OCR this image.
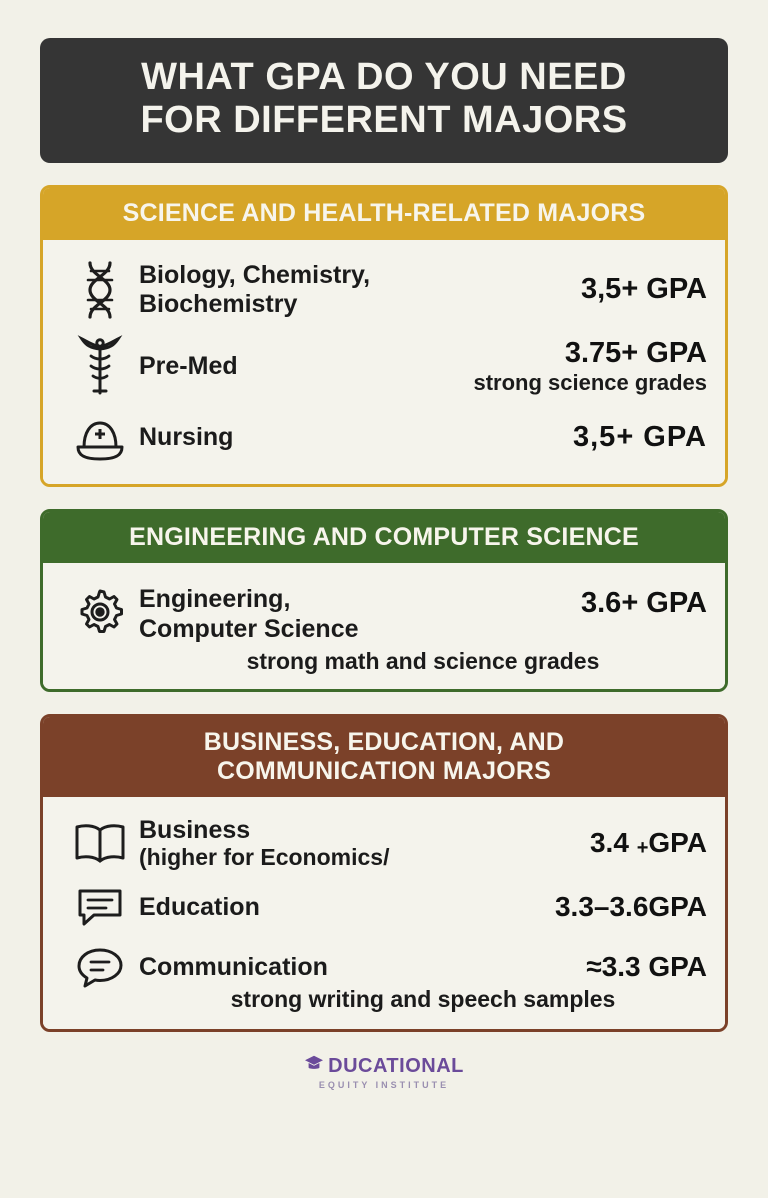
WHAT GPA DO YOU NEED
FOR DIFFERENT MAJORS
SCIENCE AND HEALTH-RELATED MAJORS
Biology, Chemistry,
Biochemistry	3,5+ GPA
Pre-Med	3.75+ GPA
strong science grades
Nursing	3,5+ GPA
ENGINEERING AND COMPUTER SCIENCE
Engineering,
Computer Science
3.6+ GPA
strong math and science grades
BUSINESS, EDUCATION, AND
COMMUNICATION MAJORS
Business
(higher for Economics/	3.4 +GPA
Education	3.3–3.6GPA
Communication	≈3.3 GPA
strong writing and speech samples
DUCATIONAL
EQUITY INSTITUTE
